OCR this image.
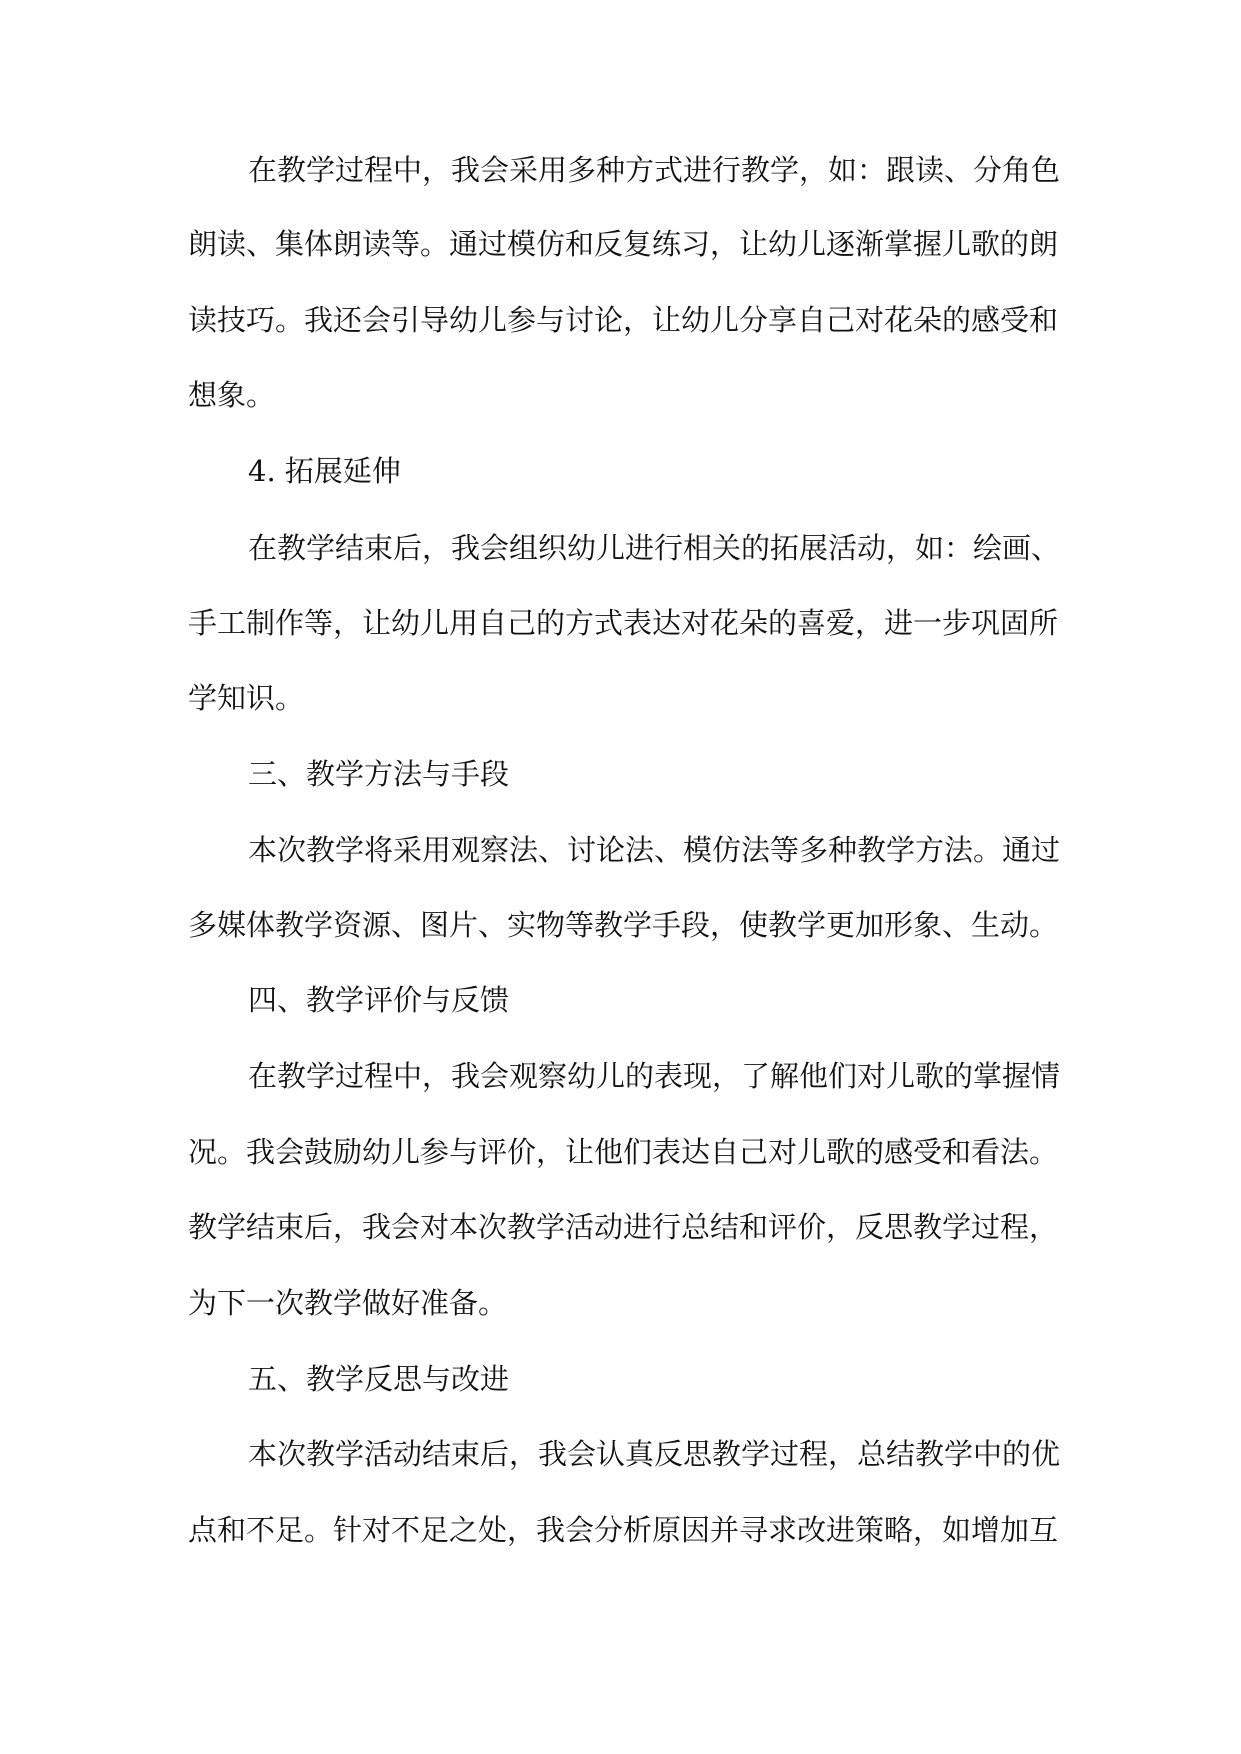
在教学过程中，我会采用多种方式进行教学，如：跟读、分角色
朗读、集体朗读等。通过模仿和反复练习，让幼儿逐渐掌握儿歌的朗
读技巧。我还会引导幼儿参与讨论，让幼儿分享自己对花朵的感受和
想象。
4. 拓展延伸
在教学结束后，我会组织幼儿进行相关的拓展活动，如：绘画、
手工制作等，让幼儿用自己的方式表达对花朵的喜爱，进一步巩固所
学知识。
三、教学方法与手段
本次教学将采用观察法、讨论法、模仿法等多种教学方法。通过
多媒体教学资源、图片、实物等教学手段，使教学更加形象、生动。
四、教学评价与反馈
在教学过程中，我会观察幼儿的表现，了解他们对儿歌的掌握情
况。我会鼓励幼儿参与评价，让他们表达自己对儿歌的感受和看法。
教学结束后，我会对本次教学活动进行总结和评价，反思教学过程，
为下一次教学做好准备。
五、教学反思与改进
本次教学活动结束后，我会认真反思教学过程，总结教学中的优
点和不足。针对不足之处，我会分析原因并寻求改进策略，如增加互
